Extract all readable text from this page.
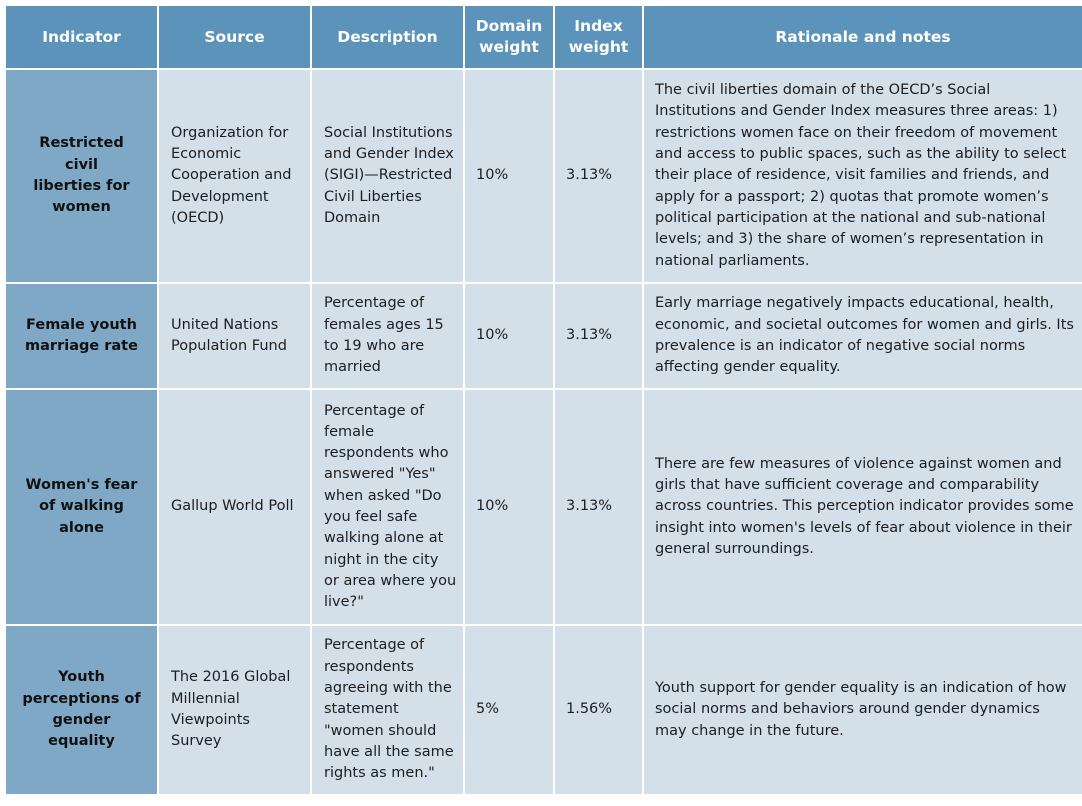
Indicator	Source	Description	Domain weight	Index weight	Rationale and notes

Restricted civil liberties for women	Organization for Economic Cooperation and Development (OECD)	Social Institutions and Gender Index (SIGI)—Restricted Civil Liberties Domain	10%	3.13%	The civil liberties domain of the OECD’s Social Institutions and Gender Index measures three areas: 1) restrictions women face on their freedom of movement and access to public spaces, such as the ability to select their place of residence, visit families and friends, and apply for a passport; 2) quotas that promote women’s political participation at the national and sub-national levels; and 3) the share of women’s representation in national parliaments.

Female youth marriage rate	United Nations Population Fund	Percentage of females ages 15 to 19 who are married	10%	3.13%	Early marriage negatively impacts educational, health, economic, and societal outcomes for women and girls. Its prevalence is an indicator of negative social norms affecting gender equality.

Women's fear of walking alone	Gallup World Poll	Percentage of female respondents who answered "Yes" when asked "Do you feel safe walking alone at night in the city or area where you live?"	10%	3.13%	There are few measures of violence against women and girls that have sufficient coverage and comparability across countries. This perception indicator provides some insight into women's levels of fear about violence in their general surroundings.

Youth perceptions of gender equality	The 2016 Global Millennial Viewpoints Survey	Percentage of respondents agreeing with the statement "women should have all the same rights as men."	5%	1.56%	Youth support for gender equality is an indication of how social norms and behaviors around gender dynamics may change in the future.
